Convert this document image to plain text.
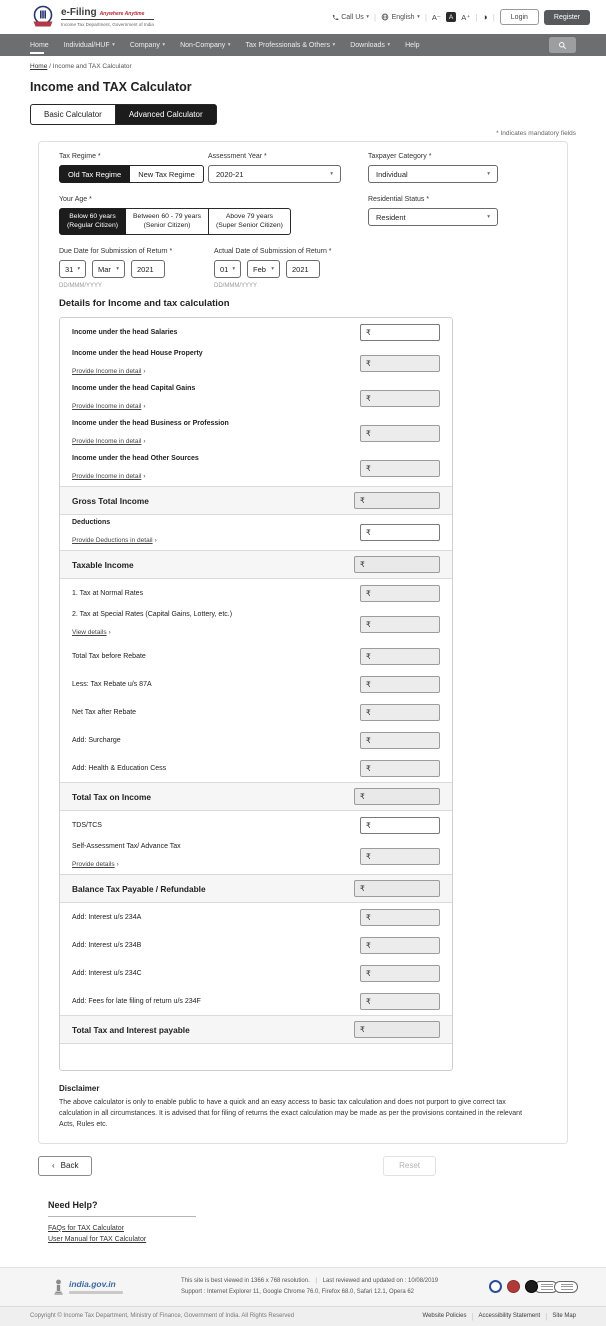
e-Filing Anywhere Anytime
Income Tax Department, Government of India
Call Us ▾ | English ▾ | A⁻	A	A⁺ | ◑ |	Login	Register
Home Individual/HUF ▾ Company ▾ Non-Company ▾ Tax Professionals & Others ▾ Downloads ▾ Help
Home / Income and TAX Calculator
Income and TAX Calculator
Basic Calculator	Advanced Calculator
* Indicates mandatory fields
Tax Regime *
Old Tax Regime	New Tax Regime
Assessment Year *
2020-21	▾
Taxpayer Category *
Individual	▾
Your Age *
Below 60 years
(Regular Citizen)
Between 60 - 79 years
(Senior Citizen)
Above 79 years
(Super Senior Citizen)
Residential Status *
Resident	▾
Due Date for Submission of Return *
31 ▾ Mar ▾ 2021
DD/MMM/YYYY
Actual Date of Submission of Return *
01 ▾ Feb ▾ 2021
DD/MMM/YYYY
Details for Income and tax calculation
Income under the head Salaries	₹
Income under the head House Property
Provide Income in detail ›
₹
Income under the head Capital Gains
Provide Income in detail ›
₹
Income under the head Business or Profession
Provide Income in detail ›
₹
Income under the head Other Sources
Provide Income in detail ›
₹
Gross Total Income	₹
Deductions
Provide Deductions in detail ›
₹
Taxable Income	₹
1. Tax at Normal Rates	₹
2. Tax at Special Rates (Capital Gains, Lottery, etc.)
View details ›
₹
Total Tax before Rebate	₹
Less: Tax Rebate u/s 87A	₹
Net Tax after Rebate	₹
Add: Surcharge	₹
Add: Health & Education Cess	₹
Total Tax on Income	₹
TDS/TCS	₹
Self-Assessment Tax/ Advance Tax
Provide details ›
₹
Balance Tax Payable / Refundable	₹
Add: Interest u/s 234A	₹
Add: Interest u/s 234B	₹
Add: Interest u/s 234C	₹
Add: Fees for late filing of return u/s 234F	₹
Total Tax and Interest payable	₹
Disclaimer
The above calculator is only to enable public to have a quick and an easy access to basic tax calculation and does not purport to give correct tax calculation in all circumstances. It is advised that for filing of returns the exact calculation may be made as per the provisions contained in the relevant Acts, Rules etc.
‹ Back	Reset
Need Help?
FAQs for TAX Calculator
User Manual for TAX Calculator
india.gov.in	This site is best viewed in 1366 x 768 resolution. | Last reviewed and updated on : 10/08/2019
Support : Internet Explorer 11, Google Chrome 76.0, Firefox 68.0, Safari 12.1, Opera 62
Copyright © Income Tax Department, Ministry of Finance, Government of India. All Rights Reserved	Website Policies | Accessibility Statement | Site Map
